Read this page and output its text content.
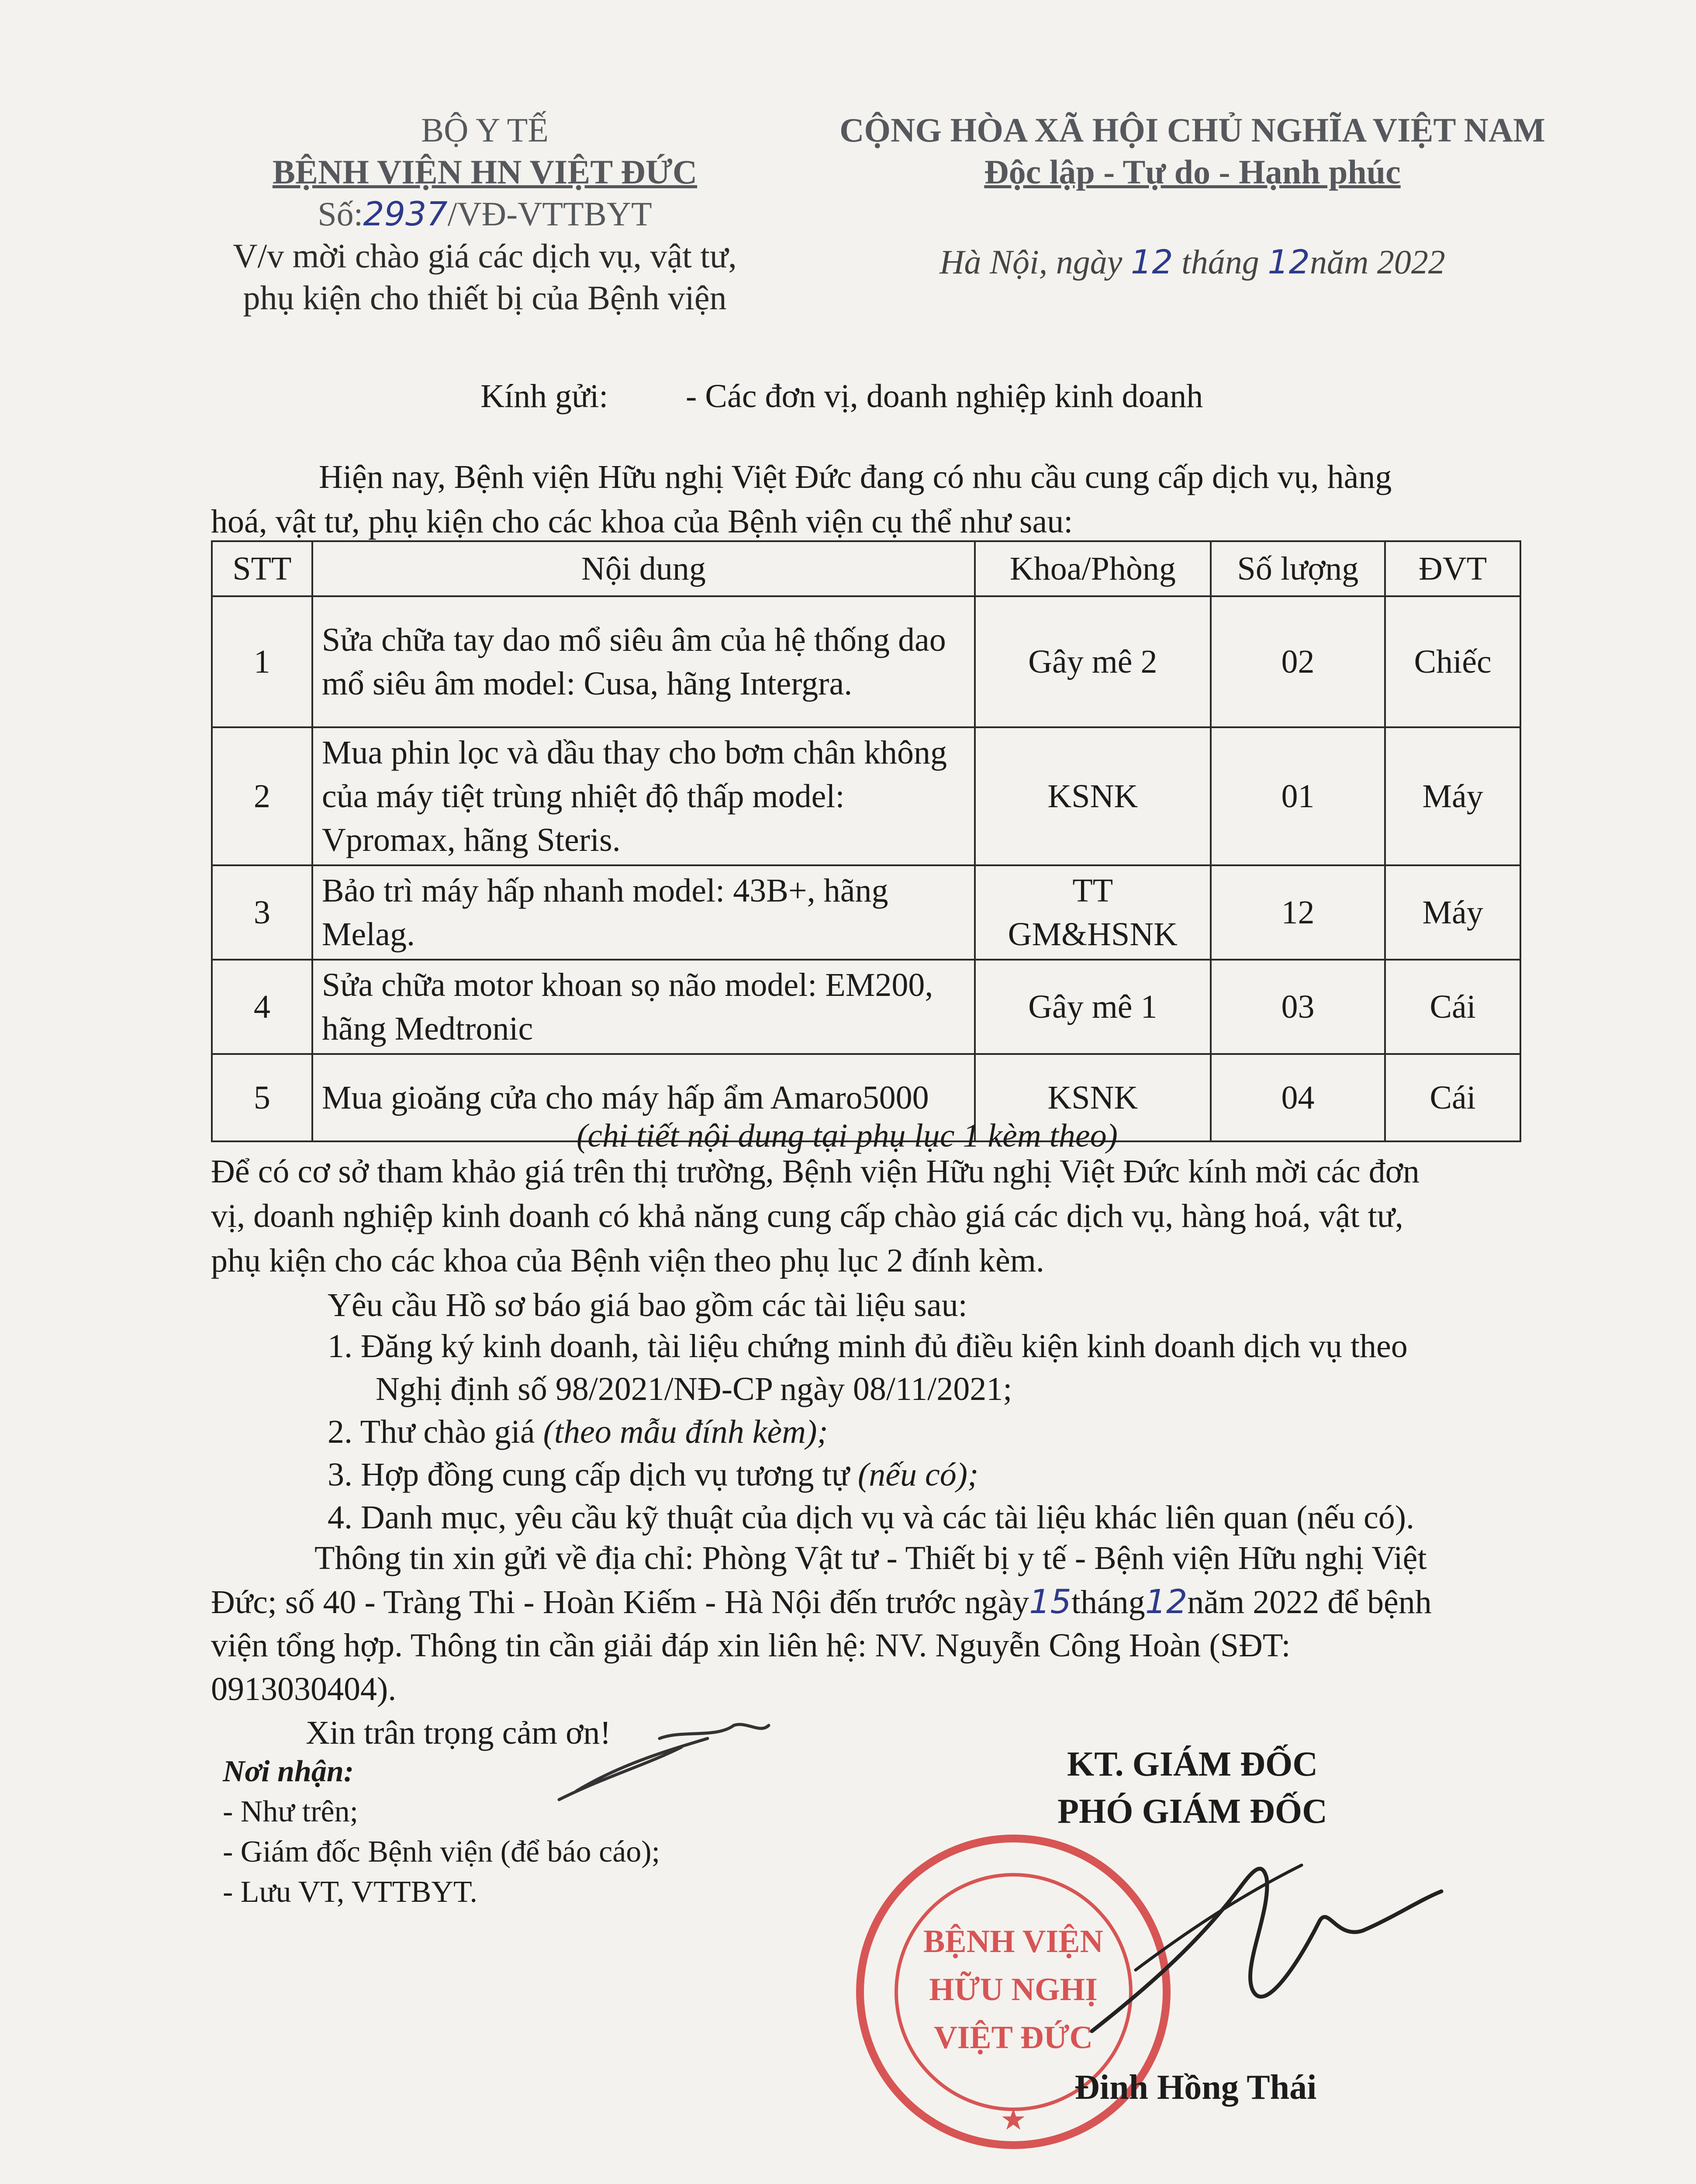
BỘ Y TẾ
BỆNH VIỆN HN VIỆT ĐỨC
Số:2937/VĐ-VTTBYT
V/v mời chào giá các dịch vụ, vật tư,
phụ kiện cho thiết bị của Bệnh viện
CỘNG HÒA XÃ HỘI CHỦ NGHĨA VIỆT NAM
Độc lập - Tự do - Hạnh phúc
Hà Nội, ngày 12 tháng 12năm 2022
Kính gửi: - Các đơn vị, doanh nghiệp kinh doanh
Hiện nay, Bệnh viện Hữu nghị Việt Đức đang có nhu cầu cung cấp dịch vụ, hàng
hoá, vật tư, phụ kiện cho các khoa của Bệnh viện cụ thể như sau:
STT	Nội dung	Khoa/Phòng	Số lượng	ĐVT
1	Sửa chữa tay dao mổ siêu âm của hệ thống dao mổ siêu âm model: Cusa, hãng Intergra.	Gây mê 2	02	Chiếc
2	Mua phin lọc và dầu thay cho bơm chân không của máy tiệt trùng nhiệt độ thấp model: Vpromax, hãng Steris.	KSNK	01	Máy
3	Bảo trì máy hấp nhanh model: 43B+, hãng Melag.	TT GM&HSNK	12	Máy
4	Sửa chữa motor khoan sọ não model: EM200, hãng Medtronic	Gây mê 1	03	Cái
5	Mua gioăng cửa cho máy hấp ẩm Amaro5000	KSNK	04	Cái
(chi tiết nội dung tại phụ lục 1 kèm theo)
Để có cơ sở tham khảo giá trên thị trường, Bệnh viện Hữu nghị Việt Đức kính mời các đơn
vị, doanh nghiệp kinh doanh có khả năng cung cấp chào giá các dịch vụ, hàng hoá, vật tư,
phụ kiện cho các khoa của Bệnh viện theo phụ lục 2 đính kèm.
Yêu cầu Hồ sơ báo giá bao gồm các tài liệu sau:
1. Đăng ký kinh doanh, tài liệu chứng minh đủ điều kiện kinh doanh dịch vụ theo
Nghị định số 98/2021/NĐ-CP ngày 08/11/2021;
2. Thư chào giá (theo mẫu đính kèm);
3. Hợp đồng cung cấp dịch vụ tương tự (nếu có);
4. Danh mục, yêu cầu kỹ thuật của dịch vụ và các tài liệu khác liên quan (nếu có).
Thông tin xin gửi về địa chỉ: Phòng Vật tư - Thiết bị y tế - Bệnh viện Hữu nghị Việt
Đức; số 40 - Tràng Thi - Hoàn Kiếm - Hà Nội đến trước ngày15tháng12năm 2022 để bệnh
viện tổng hợp. Thông tin cần giải đáp xin liên hệ: NV. Nguyễn Công Hoàn (SĐT:
0913030404).
Xin trân trọng cảm ơn!
Nơi nhận:
- Như trên;
- Giám đốc Bệnh viện (để báo cáo);
- Lưu VT, VTTBYT.
KT. GIÁM ĐỐC
PHÓ GIÁM ĐỐC
BỆNH VIỆN
HỮU NGHỊ
VIỆT ĐỨC
★
Đinh Hồng Thái
